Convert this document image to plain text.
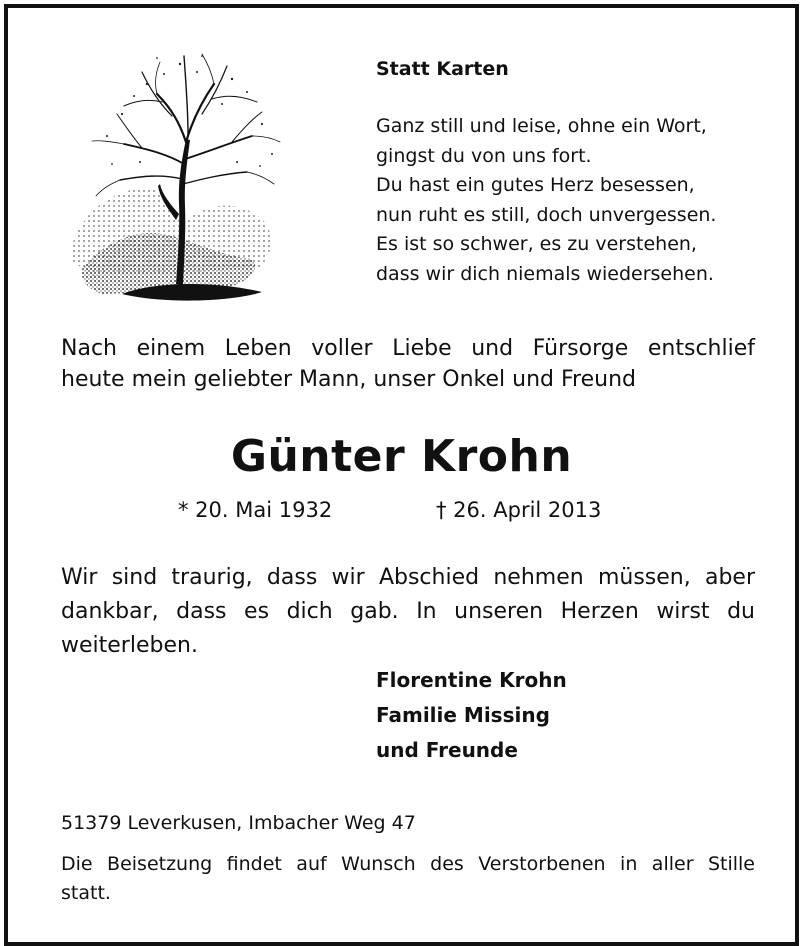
Statt Karten
Ganz still und leise, ohne ein Wort,
gingst du von uns fort.
Du hast ein gutes Herz besessen,
nun ruht es still, doch unvergessen.
Es ist so schwer, es zu verstehen,
dass wir dich niemals wiedersehen.
Nach einem Leben voller Liebe und Fürsorge entschlief
heute mein geliebter Mann, unser Onkel und Freund
Günter Krohn
* 20. Mai 1932	† 26. April 2013
Wir sind traurig, dass wir Abschied nehmen müssen, aber
dankbar, dass es dich gab. In unseren Herzen wirst du
weiterleben.
Florentine Krohn
Familie Missing
und Freunde
51379 Leverkusen, Imbacher Weg 47
Die Beisetzung findet auf Wunsch des Verstorbenen in aller Stille
statt.
